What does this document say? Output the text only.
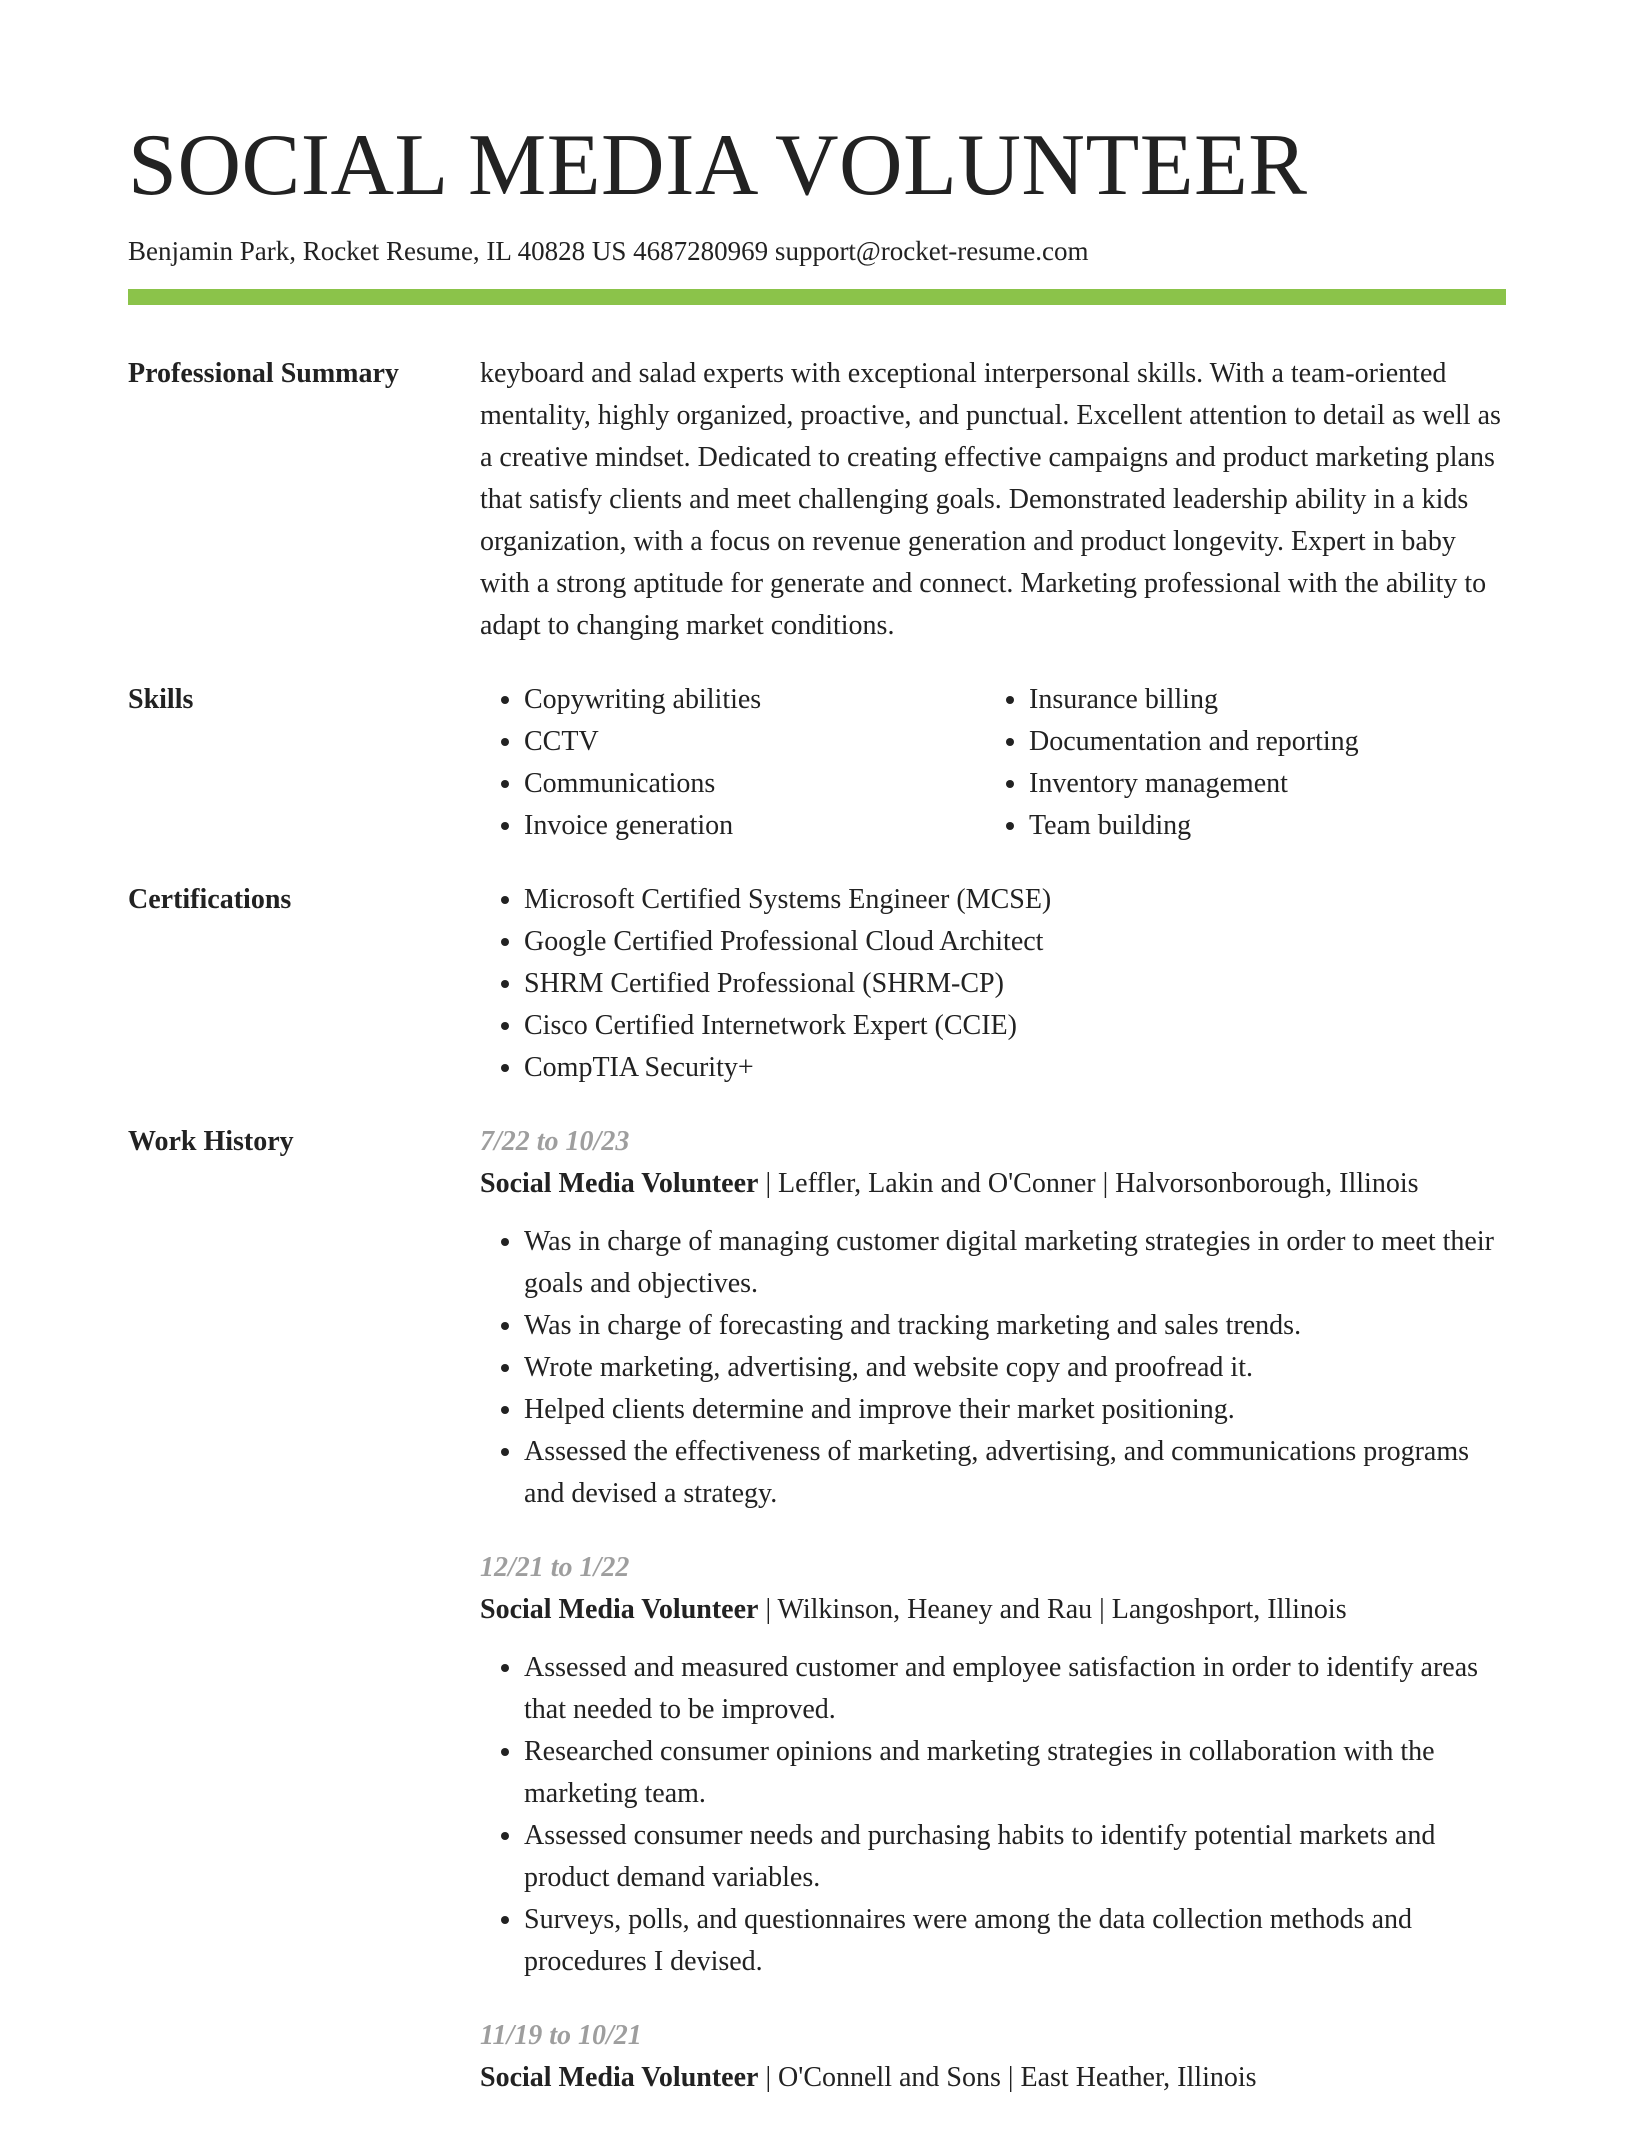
SOCIAL MEDIA VOLUNTEER
Benjamin Park, Rocket Resume, IL 40828 US 4687280969 support@rocket-resume.com
Professional Summary	keyboard and salad experts with exceptional interpersonal skills. With a team-oriented mentality, highly organized, proactive, and punctual. Excellent attention to detail as well as a creative mindset. Dedicated to creating effective campaigns and product marketing plans that satisfy clients and meet challenging goals. Demonstrated leadership ability in a kids organization, with a focus on revenue generation and product longevity. Expert in baby with a strong aptitude for generate and connect. Marketing professional with the ability to adapt to changing market conditions.

Skills	• Copywriting abilities
• CCTV
• Communications
• Invoice generation
• Insurance billing
• Documentation and reporting
• Inventory management
• Team building
Certifications	• Microsoft Certified Systems Engineer (MCSE)
• Google Certified Professional Cloud Architect
• SHRM Certified Professional (SHRM-CP)
• Cisco Certified Internetwork Expert (CCIE)
• CompTIA Security+
Work History	7/22 to 10/23
Social Media Volunteer | Leffler, Lakin and O'Conner | Halvorsonborough, Illinois
• Was in charge of managing customer digital marketing strategies in order to meet their goals and objectives.
• Was in charge of forecasting and tracking marketing and sales trends.
• Wrote marketing, advertising, and website copy and proofread it.
• Helped clients determine and improve their market positioning.
• Assessed the effectiveness of marketing, advertising, and communications programs and devised a strategy.
12/21 to 1/22
Social Media Volunteer | Wilkinson, Heaney and Rau | Langoshport, Illinois
• Assessed and measured customer and employee satisfaction in order to identify areas that needed to be improved.
• Researched consumer opinions and marketing strategies in collaboration with the marketing team.
• Assessed consumer needs and purchasing habits to identify potential markets and product demand variables.
• Surveys, polls, and questionnaires were among the data collection methods and procedures I devised.
11/19 to 10/21
Social Media Volunteer | O'Connell and Sons | East Heather, Illinois
